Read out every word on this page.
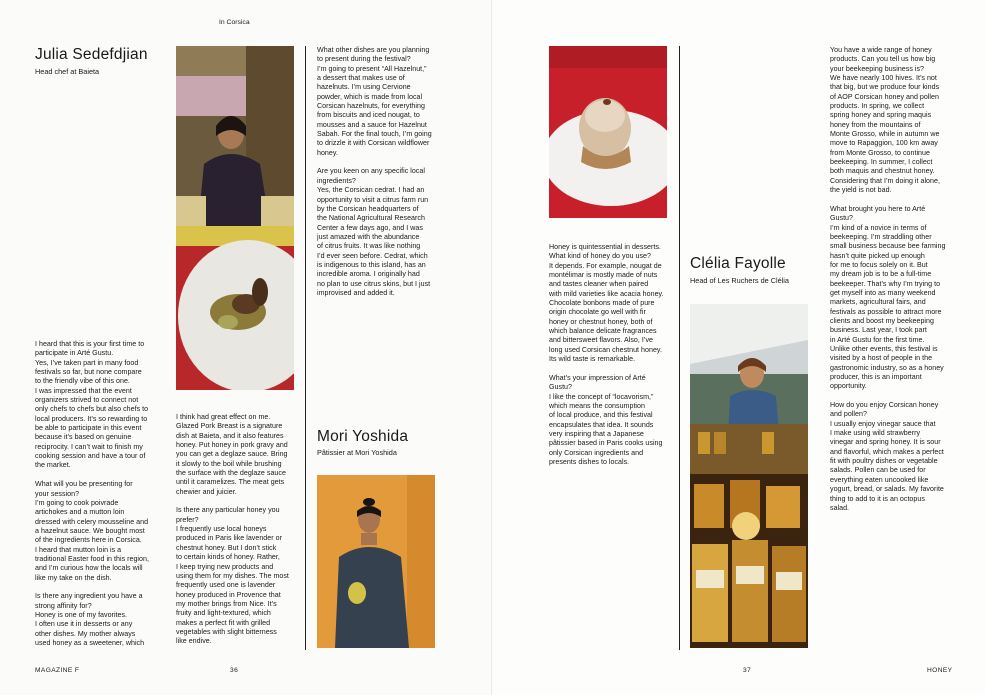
In Corsica
Julia Sedefdjian
Head chef at Baieta
I heard that this is your first time to
participate in Arté Gustu.
Yes, I’ve taken part in many food
festivals so far, but none compare
to the friendly vibe of this one.
I was impressed that the event
organizers strived to connect not
only chefs to chefs but also chefs to
local producers. It’s so rewarding to
be able to participate in this event
because it’s based on genuine
reciprocity. I can’t wait to finish my
cooking session and have a tour of
the market.

What will you be presenting for
your session?
I’m going to cook poivrade
artichokes and a mutton loin
dressed with celery mousseline and
a hazelnut sauce. We bought most
of the ingredients here in Corsica.
I heard that mutton loin is a
traditional Easter food in this region,
and I’m curious how the locals will
like my take on the dish.

Is there any ingredient you have a
strong affinity for?
Honey is one of my favorites.
I often use it in desserts or any
other dishes. My mother always
used honey as a sweetener, which
I think had great effect on me.
Glazed Pork Breast is a signature
dish at Baieta, and it also features
honey. Put honey in pork gravy and
you can get a deglaze sauce. Bring
it slowly to the boil while brushing
the surface with the deglaze sauce
until it caramelizes. The meat gets
chewier and juicier.

Is there any particular honey you
prefer?
I frequently use local honeys
produced in Paris like lavender or
chestnut honey. But I don’t stick
to certain kinds of honey. Rather,
I keep trying new products and
using them for my dishes. The most
frequently used one is lavender
honey produced in Provence that
my mother brings from Nice. It’s
fruity and light-textured, which
makes a perfect fit with grilled
vegetables with slight bitterness
like endive.
What other dishes are you planning
to present during the festival?
I’m going to present “All Hazelnut,”
a dessert that makes use of
hazelnuts. I’m using Cervione
powder, which is made from local
Corsican hazelnuts, for everything
from biscuits and iced nougat, to
mousses and a sauce for Hazelnut
Sabah. For the final touch, I’m going
to drizzle it with Corsican wildflower
honey.

Are you keen on any specific local
ingredients?
Yes, the Corsican cedrat. I had an
opportunity to visit a citrus farm run
by the Corsican headquarters of
the National Agricultural Research
Center a few days ago, and I was
just amazed with the abundance
of citrus fruits. It was like nothing
I’d ever seen before. Cedrat, which
is indigenous to this island, has an
incredible aroma. I originally had
no plan to use citrus skins, but I just
improvised and added it.
Mori Yoshida
Pâtissier at Mori Yoshida
MAGAZINE F	36
Honey is quintessential in desserts.
What kind of honey do you use?
It depends. For example, nougat de
montélimar is mostly made of nuts
and tastes cleaner when paired
with mild varieties like acacia honey.
Chocolate bonbons made of pure
origin chocolate go well with fir
honey or chestnut honey, both of
which balance delicate fragrances
and bittersweet flavors. Also, I’ve
long used Corsican chestnut honey.
Its wild taste is remarkable.

What’s your impression of Arté
Gustu?
I like the concept of “locavorism,”
which means the consumption
of local produce, and this festival
encapsulates that idea. It sounds
very inspiring that a Japanese
pâtissier based in Paris cooks using
only Corsican ingredients and
presents dishes to locals.
Clélia Fayolle
Head of Les Ruchers de Clélia
You have a wide range of honey
products. Can you tell us how big
your beekeeping business is?
We have nearly 100 hives. It’s not
that big, but we produce four kinds
of AOP Corsican honey and pollen
products. In spring, we collect
spring honey and spring maquis
honey from the mountains of
Monte Grosso, while in autumn we
move to Rapaggion, 100 km away
from Monte Grosso, to continue
beekeeping. In summer, I collect
both maquis and chestnut honey.
Considering that I’m doing it alone,
the yield is not bad.

What brought you here to Arté
Gustu?
I’m kind of a novice in terms of
beekeeping. I’m straddling other
small business because bee farming
hasn’t quite picked up enough
for me to focus solely on it. But
my dream job is to be a full-time
beekeeper. That’s why I’m trying to
get myself into as many weekend
markets, agricultural fairs, and
festivals as possible to attract more
clients and boost my beekeeping
business. Last year, I took part
in Arté Gustu for the first time.
Unlike other events, this festival is
visited by a host of people in the
gastronomic industry, so as a honey
producer, this is an important
opportunity.

How do you enjoy Corsican honey
and pollen?
I usually enjoy vinegar sauce that
I make using wild strawberry
vinegar and spring honey. It is sour
and flavorful, which makes a perfect
fit with poultry dishes or vegetable
salads. Pollen can be used for
everything eaten uncooked like
yogurt, bread, or salads. My favorite
thing to add to it is an octopus
salad.
37	HONEY
